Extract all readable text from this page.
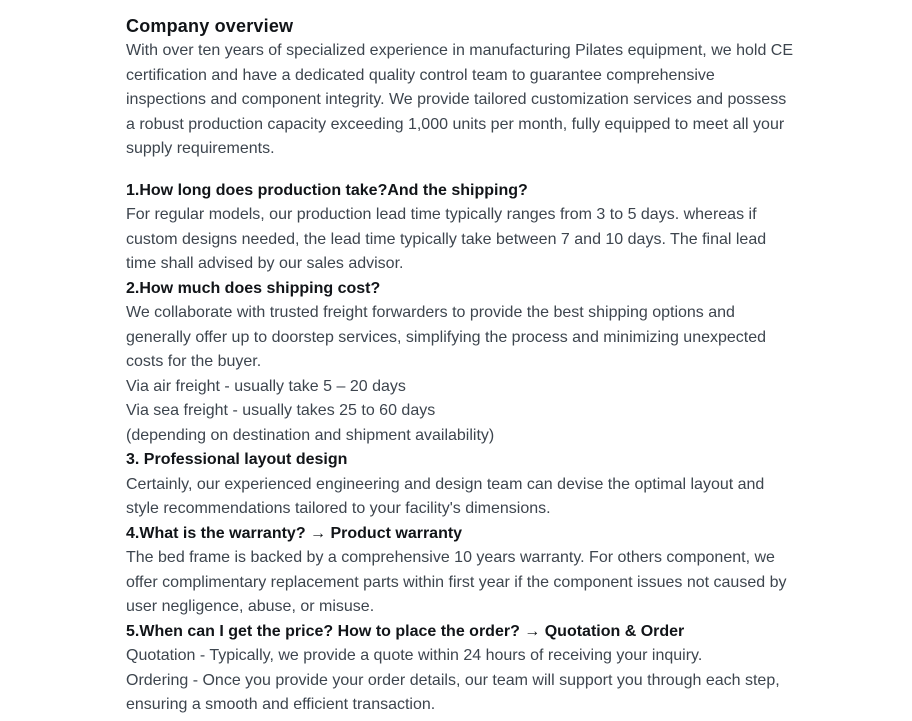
Company overview

With over ten years of specialized experience in manufacturing Pilates equipment, we hold CE certification and have a dedicated quality control team to guarantee comprehensive inspections and component integrity. We provide tailored customization services and possess a robust production capacity exceeding 1,000 units per month, fully equipped to meet all your supply requirements.

1.How long does production take?And the shipping?

For regular models, our production lead time typically ranges from 3 to 5 days. whereas if custom designs needed, the lead time typically take between 7 and 10 days. The final lead time shall advised by our sales advisor.

2.How much does shipping cost?

We collaborate with trusted freight forwarders to provide the best shipping options and generally offer up to doorstep services, simplifying the process and minimizing unexpected costs for the buyer.

Via air freight - usually take 5 – 20 days

Via sea freight - usually takes 25 to 60 days

(depending on destination and shipment availability)

3. Professional layout design

Certainly, our experienced engineering and design team can devise the optimal layout and style recommendations tailored to your facility's dimensions.

4.What is the warranty? → Product warranty

The bed frame is backed by a comprehensive 10 years warranty. For others component, we offer complimentary replacement parts within first year if the component issues not caused by user negligence, abuse, or misuse.

5.When can I get the price? How to place the order? → Quotation & Order

Quotation - Typically, we provide a quote within 24 hours of receiving your inquiry.

Ordering - Once you provide your order details, our team will support you through each step, ensuring a smooth and efficient transaction.
